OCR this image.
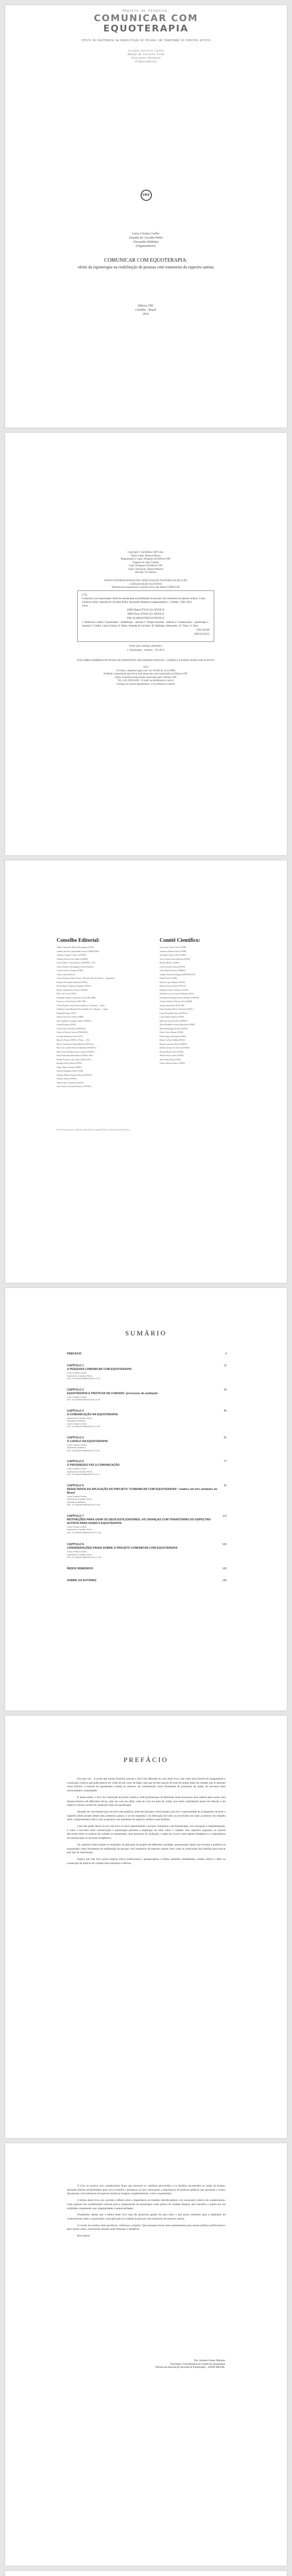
PROJETO DE PESQUISA:
COMUNICAR COM
EQUOTERAPIA
EFEITO DA EQUOTERAPIA NA REABILITAÇÃO DE PESSOAS COM TRANSTORNO DO ESPECTRO AUTISTA
Luciana Carneiro Coelho
Amanda de Carvalho Pinho
Alessandro Baldoino
(Organizadores)
CRV
Luiza Cristina Coelho
Amanda de Carvalho Pinho
Alessandro Baldoino
(Organizadores)
COMUNICAR COM EQUOTERAPIA:
efeito da equoterapia na reabilitação de pessoas com transtorno do espectro autista
Editora CRV
Curitiba – Brasil
2022
Copyright © da Editora CRV Ltda.
Editor-chefe: Railson Moura
Diagramação e Capa: Designers da Editora CRV
Imagem de capa: Freepik
Capa: Designers da Editora CRV
Capa e Ilustração: Renan Pinheiro
Revisão: Os Autores
DADOS INTERNACIONAIS DE CATALOGAÇÃO NA PUBLICAÇÃO (CIP)
CATALOGAÇÃO NA FONTE
Bibliotecária responsável: Luzenira Alves dos Santos CRB9/1506

C741
Comunicar com equoterapia: efeito da equoterapia na reabilitação de pessoas com transtorno do espectro autista / Luiza Cristina Coelho, Amanda de Carvalho Pinho, Alessandro Baldoino (organizadores) – Curitiba : CRV, 2022.
146 p.

ISBN Digital 978-65-251-XXXX-X

ISBN Físico 978-65-251-XXXX-X

DOI 10.24824/978652512XXXX.X

1. Medicina e saúde 2. Equoterapia – reabilitação – autismo 3. Terapia assistida – autismo 4. Comunicação – equoterapia 5. Autismo I. Coelho, Luiza Cristina. II. Pinho, Amanda de Carvalho. III. Baldoino, Alessandro. IV. Título. V. Série.

CDU 616.89

CDD 615.8515

Índice para catálogo sistemático
1. Equoterapia – autismo – 615.8515
ESTA OBRA TAMBÉM ENCONTRA-SE DISPONÍVEL EM FORMATO DIGITAL. CONHEÇA E BAIXE NOSSO APLICATIVO!

2022
Foi feito o depósito legal conf. Lei 10.994 de 14/12/2004
Proibida a reprodução parcial ou total desta obra sem autorização da Editora CRV
Todos os direitos desta edição reservados pela: Editora CRV
Tel.: (41) 3039-6418 – E-mail: sac@editoracrv.com.br
Conheça os nossos lançamentos: www.editoracrv.com.br
Conselho Editorial:
Aldira Guimarães Duarte Domínguez (UNB)
Andréia da Silva Quintanilha Sousa (UNIR/UFRN)
Anselmo Alencar Colares (UFOPA)
Antônio Pereira Gaio Júnior (UFRRJ)
Carlos Alberto Vilar Estêvão (UMINHO – PT)
Carlos Federico Dominguez Avila (Unieuro)
Carmen Tereza Velanga (UNIR)
Celso Conti (UFSCar)
Cesar Gerónimo Tello (Univer. Nacional Três de Febrero – Argentina)
Eduardo Fernandes Barbosa (UFMG)
Elione Maria Nogueira Diogenes (UFAL)
Elizeu Clementino de Souza (UNEB)
Élsio José Corá (UFFS)
Fernando Antônio Gonçalves Alcoforado (IPB)
Francisco Carlos Duarte (PUC-PR)
Gloria Fariñas León (Universidade de La Havana – Cuba)
Guillermo Arias Beatón (Universidade de La Havana – Cuba)
Helmuth Krüger (UCP)
Jailson Alves dos Santos (UFRJ)
João Adalberto Campato Junior (UNESP)
Josania Portela (UFPI)
Leonel Severo Rocha (UNISINOS)
Lídia de Oliveira Xavier (UNIEURO)
Lourdes Helena da Silva (UFV)
Marcelo Paixão (UFRJ e UTexas – US)
Maria Cristina dos Santos Bezerra (UFSCar)
Maria de Lourdes Pinto de Almeida (UNOESC)
Maria Lília Imbiriba Sousa Colares (UFOPA)
Paulo Romualdo Hernandes (UNIFAL-MG)
Renato Francisco dos Santos Paula (UFG)
Rodrigo Pratte-Santos (UFES)
Sérgio Nunes de Jesus (IFRO)
Simone Rodrigues Pinto (UNB)
Solange Helena Ximenes-Rocha (UFOPA)
Sydione Santos (UEPG)
Tadeu Oliver Gonçalves (UFPA)
Tania Suely Azevedo Brasileiro (UFOPA)
Comitê Científico:
Ana Luiza Sarkis Vieira (UNIP)
Anderson Martins Silva (UNIR)
Alexandra Nunes Vilete (UFRJ)
Ana Cristina Nunes Bomfim (UFRJ)
Bárbara Ribeiro (UFRJ)
Carla Giovana Cabral (UFRN)
Célia Maria Ferreira (UNIRIO)
Cláudia Ferreira Rodrigues (IPPUR/UFRJ)
Daniel Vieira (UNB)
Débora Lopes Martins (UFRJ)
Elaine Fonseca Prado (UFSCar)
Fabiana Castelo Valadares (UFPA)
Filomena Lucia Gossler Rodrigues (FSA)
Giulianna Fernanda Ferreira Mendes (UNIFAP)
Jozinho Antônio Fiúza da Silva (UFRJ)
Juliana Sipe Reder (PUC-PR)
Kátia Virgínia Oliveira Pimentel (UFAL)
Lúcia Bernardini Sousa (UFSCar)
Luzia Fátima Barreto (UFRJ)
Maria de Souza Rocha (UNIRIO)
Maria Elisabeth Ferreira Marchetti (UFRJ)
Michel Rodrigues Pereira (UFRJ)
Neiva Carlos Bentes (UFRJ)
Paulo Sérgio Rodrigues (UERJ)
Rafael Coelho Padilha (UFRJ)
Raquel Carneiro Silva (UNIRIO)
Roberta Gomes de Azevedo (UERJ)
Rosana Maria Vieira (UFRJ)
Sheila Rocha Gomes (UFRJ)
Sônia Maria Dias (UFRJ)
Ulisses Pereira Franco (UFRJ)
Este livro passou por avaliação e aprovação às cegas de dois ou mais pareceristas ad hoc.
SUMÁRIO
PREFÁCIO	9
CAPÍTULO 1
A PESQUISA COMUNICAR COM EQUOTERAPIA
Luiza Cristina Coelho
Amanda de Carvalho Pinho
DOI: 10.24824/978652512XXX.X.13
13
CAPÍTULO 2
EQUOTERAPIA E PRÁTICAS DE CUIDADO: processos de avaliação
Luiza Cristina Coelho
DOI: 10.24824/978652512XXX.X.29
29
CAPÍTULO 3
A COMUNICAÇÃO NA EQUOTERAPIA
Amanda de Carvalho Pinho
Alessandro Baldoino
Luiza Cristina Coelho
DOI: 10.24824/978652512XXX.X.45
45
CAPÍTULO 4
O CAVALO NA EQUOTERAPIA
Luiza Cristina Coelho
Alessandro Baldoino
DOI: 10.24824/978652512XXX.X.61
61
CAPÍTULO 5
O PROGRESSO FAZ A COMUNICAÇÃO
Luiza Cristina Coelho
Amanda de Carvalho Pinho
DOI: 10.24824/978652512XXX.X.77
77
CAPÍTULO 6
RESULTADOS DA APLICAÇÃO DO PROJETO "COMUNICAR COM EQUOTERAPIA": análise em três unidades de Brasil
Luiza Cristina Coelho
Amanda de Carvalho Pinho
Alessandro Baldoino
DOI: 10.24824/978652512XXX.X.93
93
CAPÍTULO 7
MOTIVAÇÕES PARA USAR OS SEUS ESTILIZADORES: AS CRIANÇAS COM TRANSTORNO DO ESPECTRO AUTISTA PARA FAZER A EQUOTERAPIA
Luiza Cristina Coelho
Amanda de Carvalho Pinho
DOI: 10.24824/978652512XXX.X.113
113
CAPÍTULO 8
CONSIDERAÇÕES FINAIS SOBRE O PROJETO COMUNICAR COM EQUOTERAPIA
Luiza Cristina Coelho
Amanda de Carvalho Pinho
DOI: 10.24824/978652512XXX.X.133
133
ÍNDICE REMISSIVO	143
SOBRE OS AUTORES	145
PREFÁCIO

Era uma vez... E assim que muitas histórias nascem e não é tão diferente no caso deste livro, que conta uma história de engajamento e construção coletiva que pode parecer ter vindo de um conto de fadas, mas que de fato nasceu de reais de muitas mãos de cuidado que se atraíram nessa história: a história da equoterapia voltada ao autismo, da comunicação como ferramenta de promoção da saúde, do encontro entre universidade e comunidade.

E assim sendo, o livro foi construído de forma coletiva, onde profissionais de diferentes áreas trouxeram seus saberes para contar uma mesma história sob diferentes óticas, cada um com seu olhar, cada um com seu jeito de cuidar, mas todos caminhando juntos em direção a um objetivo comum: promover saúde por meio da equoterapia.

Quando me convidaram para escrever este prefácio, senti-me honrada e emocionada, pois tive a oportunidade de acompanhar de perto a trajetória deste projeto desde seus primeiros passos, e sei do empenho e da dedicação de todos os envolvidos em fazer acontecer um trabalho sério, comprometido e ético com as pessoas com transtorno do espectro autista e suas famílias.

Com não podia deixar de ser, este livro se inicia apresentando o projeto Comunicar com Equoterapia, sua concepção e implementação, e como o encontro entre comunicação e equoterapia permitiu a ampliação do olhar sobre o cuidado. Nos capítulos seguintes, os autores discorrem sobre as práticas de cuidado na equoterapia, seus processos de avaliação, o papel do cavalo como agente terapêutico e a importância da comunicação no processo terapêutico.

Os capítulos finais trazem os resultados da aplicação do projeto em diferentes unidades, apresentando dados que revelam a potência da equoterapia como ferramenta de reabilitação de pessoas com transtorno do espectro autista, bem como as motivações das famílias para buscar este tipo de intervenção.

Espero que este livro possa inspirar outros profissionais e pesquisadores a trilhar caminhos semelhantes, unindo ciência e afeto na construção de práticas de cuidado mais humanas e efetivas.

O livro se encerra com considerações finais que mostram os caminhos percorridos e os desafios encontrados ao longo do projeto, deixando abertas possibilidades para novos estudos e pesquisas na área, reforçando a importância de políticas públicas que garantam o acesso das pessoas com transtorno do espectro autista às terapias complementares, como a equoterapia.

A leitura deste livro nos convida a refletir sobre a importância do trabalho interdisciplinar e da construção coletiva do conhecimento. Cada capítulo traz contribuições valiosas para a compreensão da equoterapia como prática de cuidado integral, que considera o sujeito em sua totalidade, respeitando suas singularidades e potencialidades.

Finalmente, desejo que a leitura deste livro seja tão prazerosa quanto foi para mim, e que possa contribuir para a ampliação do conhecimento sobre a equoterapia e sua aplicação no cuidado às pessoas com transtorno do espectro autista.

O cavalo nos ensina sobre paciência, confiança e respeito. Que possamos levar esses ensinamentos para nossas práticas profissionais e para nossas vidas, construindo relações mais humanas e solidárias.

Boa leitura!

Dra. Ariadne Gomes Marques
Psicóloga e Coordenadora do Comitê de Equoterapia
Diretora da Associação Nacional de Equoterapia – ANDE-BRASIL
